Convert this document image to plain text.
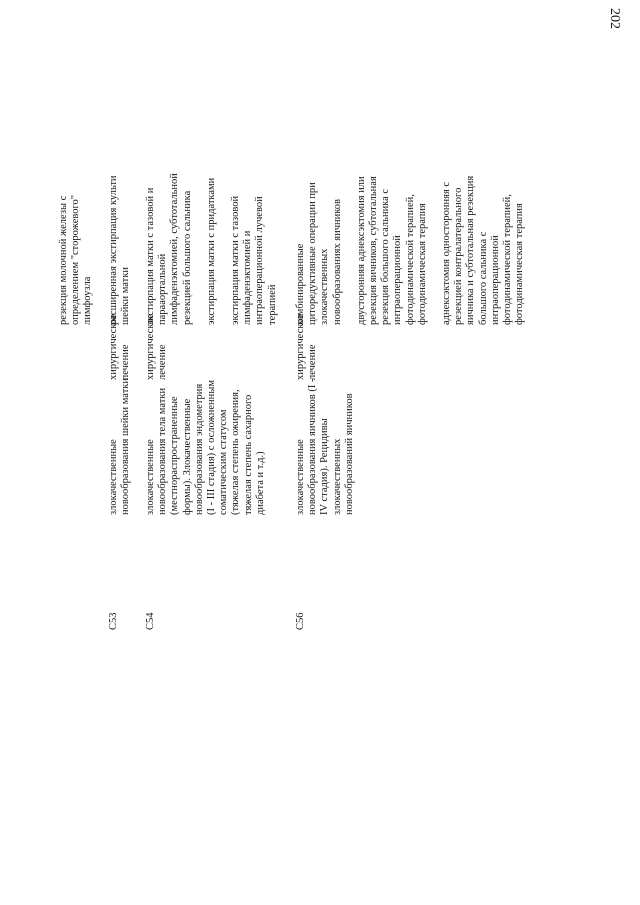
202
резекция молочной железы с определением "сторожевого" лимфоузла
C53
злокачественные новообразования шейки матки
хирургическое лечение
расширенная экстирпация культи шейки матки
C54
злокачественные новообразования тела матки (местнораспространенные формы). Злокачественные новообразования эндометрия (I - III стадия) с осложненным соматическим статусом (тяжелая степень ожирения, тяжелая степень сахарного диабета и т.д.)
хирургическое лечение
экстирпация матки с тазовой и парааортальной лимфаденэктомией, субтотальной резекцией большого сальника экстирпация матки с придатками экстирпация матки с тазовой лимфаденэктомией и интраоперационной лучевой терапией
C56
злокачественные новообразования яичников (I - IV стадия). Рецидивы злокачественных новообразований яичников
хирургическое лечение
комбинированные циторедуктивные операции при злокачественных новообразованиях яичников двусторонняя аднексэктомия или резекция яичников, субтотальная резекция большого сальника с интраоперационной фотодинамической терапией, фотодинамическая терапия аднексэктомия односторонняя с резекцией контралатерального яичника и субтотальная резекция большого сальника с интраоперационной фотодинамической терапией, фотодинамическая терапия
